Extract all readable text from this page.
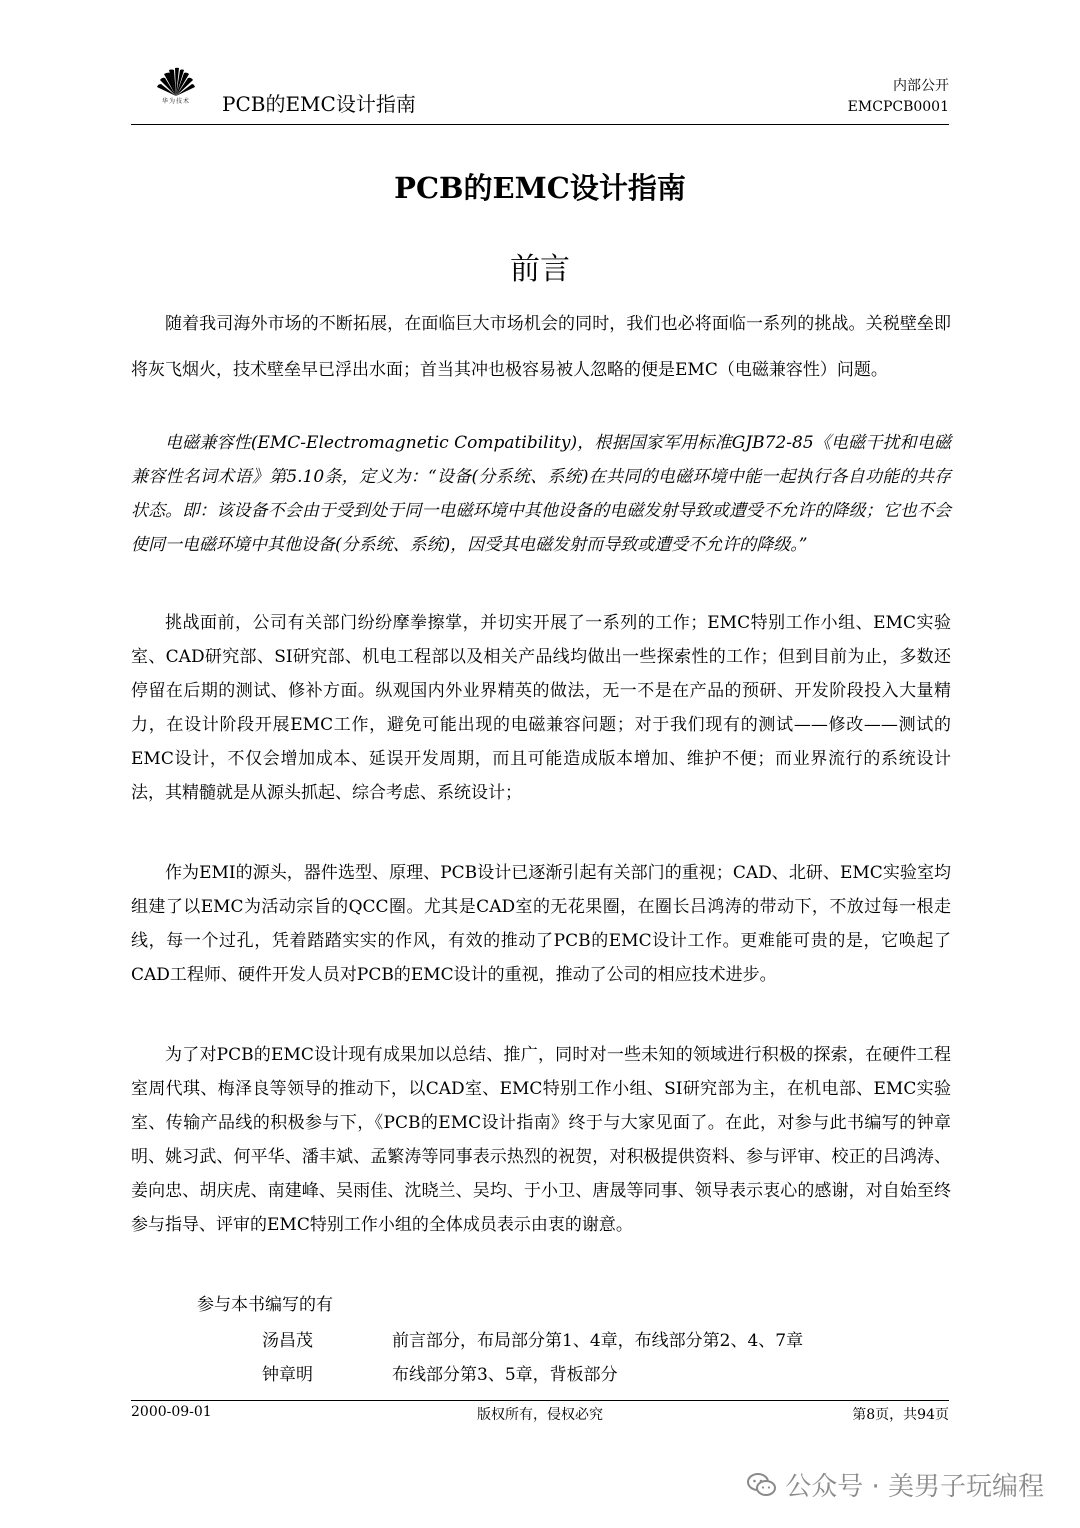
华为技术	PCB的EMC设计指南
内部公开
EMCPCB0001
PCB的EMC设计指南
前言

随着我司海外市场的不断拓展，在面临巨大市场机会的同时，我们也必将面临一系列的挑战。关税壁垒即将灰飞烟火，技术壁垒早已浮出水面；首当其冲也极容易被人忽略的便是EMC（电磁兼容性）问题。

电磁兼容性(EMC-Electromagnetic Compatibility)，根据国家军用标准GJB72-85《电磁干扰和电磁兼容性名词术语》第5.10条，定义为：“设备(分系统、系统)在共同的电磁环境中能一起执行各自功能的共存状态。即：该设备不会由于受到处于同一电磁环境中其他设备的电磁发射导致或遭受不允许的降级；它也不会使同一电磁环境中其他设备(分系统、系统)，因受其电磁发射而导致或遭受不允许的降级。”

挑战面前，公司有关部门纷纷摩拳擦掌，并切实开展了一系列的工作；EMC特别工作小组、EMC实验室、CAD研究部、SI研究部、机电工程部以及相关产品线均做出一些探索性的工作；但到目前为止，多数还停留在后期的测试、修补方面。纵观国内外业界精英的做法，无一不是在产品的预研、开发阶段投入大量精力，在设计阶段开展EMC工作，避免可能出现的电磁兼容问题；对于我们现有的测试——修改——测试的EMC设计，不仅会增加成本、延误开发周期，而且可能造成版本增加、维护不便；而业界流行的系统设计法，其精髓就是从源头抓起、综合考虑、系统设计；

作为EMI的源头，器件选型、原理、PCB设计已逐渐引起有关部门的重视；CAD、北研、EMC实验室均组建了以EMC为活动宗旨的QCC圈。尤其是CAD室的无花果圈，在圈长吕鸿涛的带动下，不放过每一根走线，每一个过孔，凭着踏踏实实的作风，有效的推动了PCB的EMC设计工作。更难能可贵的是，它唤起了CAD工程师、硬件开发人员对PCB的EMC设计的重视，推动了公司的相应技术进步。

为了对PCB的EMC设计现有成果加以总结、推广，同时对一些未知的领域进行积极的探索，在硬件工程室周代琪、梅泽良等领导的推动下，以CAD室、EMC特别工作小组、SI研究部为主，在机电部、EMC实验室、传输产品线的积极参与下，《PCB的EMC设计指南》终于与大家见面了。在此，对参与此书编写的钟章明、姚习武、何平华、潘丰斌、孟繁涛等同事表示热烈的祝贺，对积极提供资料、参与评审、校正的吕鸿涛、姜向忠、胡庆虎、南建峰、吴雨佳、沈晓兰、吴均、于小卫、唐晟等同事、领导表示衷心的感谢，对自始至终参与指导、评审的EMC特别工作小组的全体成员表示由衷的谢意。

参与本书编写的有
汤昌茂	前言部分，布局部分第1、4章，布线部分第2、4、7章
钟章明	布线部分第3、5章，背板部分
2000-09-01	版权所有，侵权必究	第8页，共94页
公众号 · 美男子玩编程
